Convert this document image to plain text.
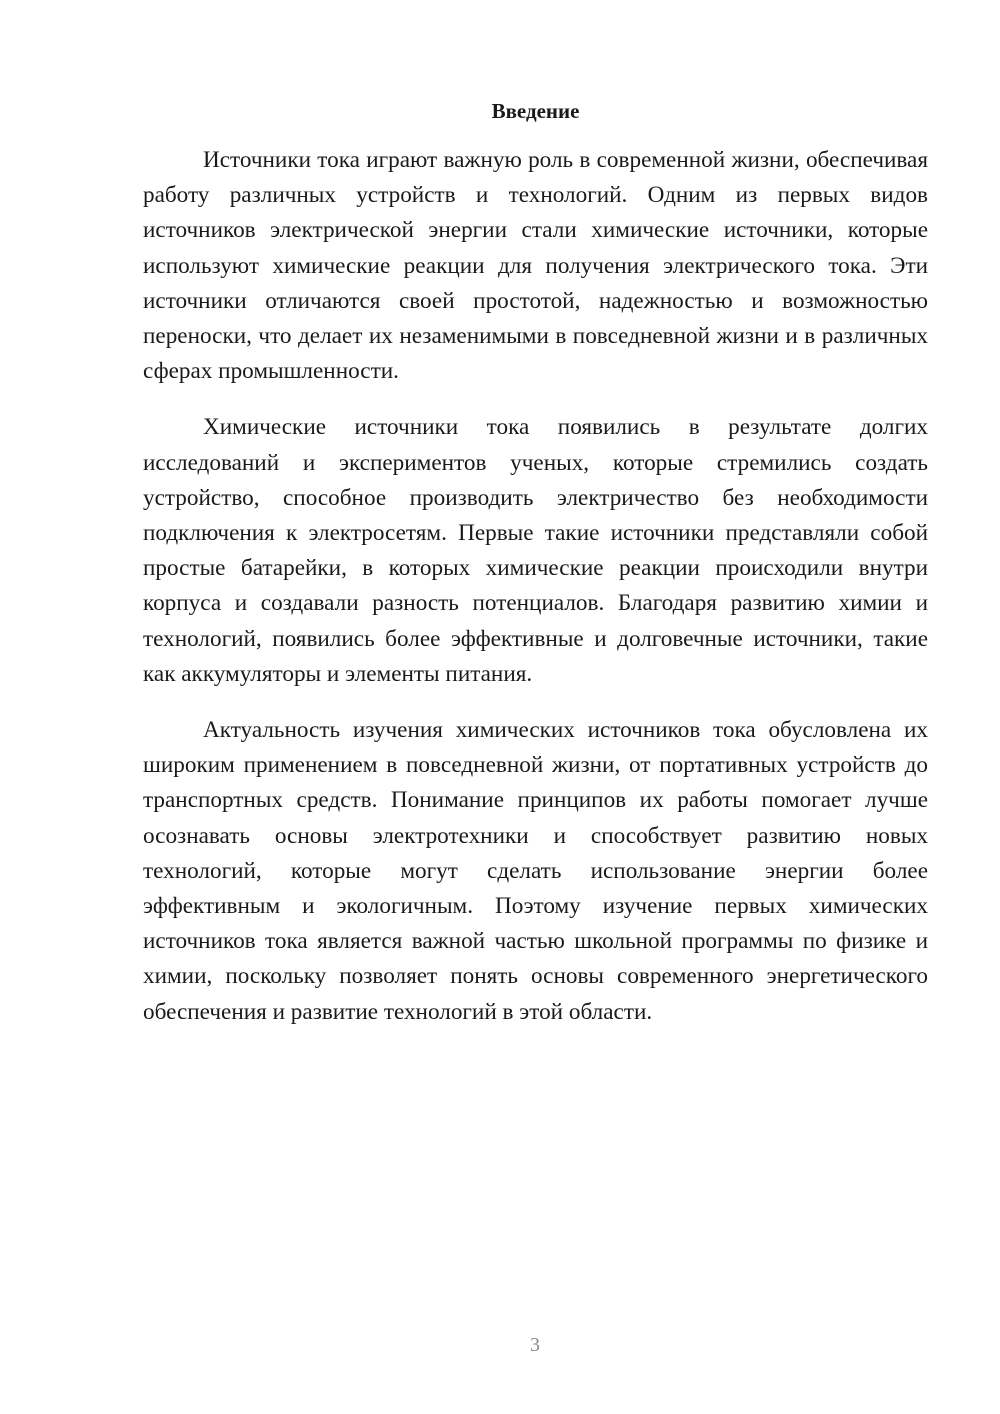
Введение

Источники тока играют важную роль в современной жизни, обеспечивая работу различных устройств и технологий. Одним из первых видов источников электрической энергии стали химические источники, которые используют химические реакции для получения электрического тока. Эти источники отличаются своей простотой, надежностью и возможностью переноски, что делает их незаменимыми в повседневной жизни и в различных сферах промышленности.

Химические источники тока появились в результате долгих исследований и экспериментов ученых, которые стремились создать устройство, способное производить электричество без необходимости подключения к электросетям. Первые такие источники представляли собой простые батарейки, в которых химические реакции происходили внутри корпуса и создавали разность потенциалов. Благодаря развитию химии и технологий, появились более эффективные и долговечные источники, такие как аккумуляторы и элементы питания.

Актуальность изучения химических источников тока обусловлена их широким применением в повседневной жизни, от портативных устройств до транспортных средств. Понимание принципов их работы помогает лучше осознавать основы электротехники и способствует развитию новых технологий, которые могут сделать использование энергии более эффективным и экологичным. Поэтому изучение первых химических источников тока является важной частью школьной программы по физике и химии, поскольку позволяет понять основы современного энергетического обеспечения и развитие технологий в этой области.

3
